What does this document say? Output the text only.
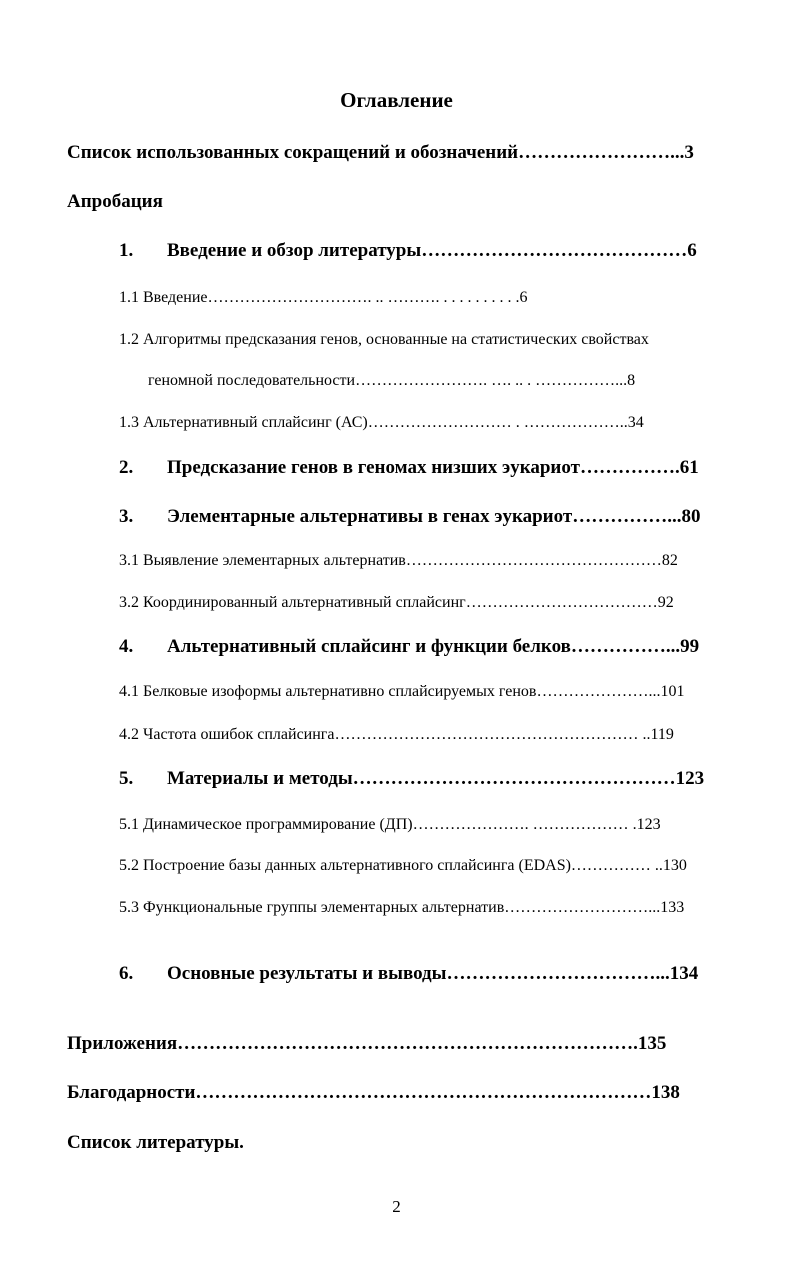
Оглавление
Список использованных сокращений и обозначений……………………...3
Апробация
1. Введение и обзор литературы……………………………………6
1.1 Введение…………………………. .. ………. . . . . . . . . . .6
1.2 Алгоритмы предсказания генов, основанные на статистических свойствах
геномной последовательности……………………. …. .. . ……………...8
1.3 Альтернативный сплайсинг (АС)……………………… . ………………..34
2. Предсказание генов в геномах низших эукариот…………….61
3. Элементарные альтернативы в генах эукариот……………...80
3.1 Выявление элементарных альтернатив…………………………………………82
3.2 Координированный альтернативный сплайсинг………………………………92
4. Альтернативный сплайсинг и функции белков……………...99
4.1 Белковые изоформы альтернативно сплайсируемых генов…………………...101
4.2 Частота ошибок сплайсинга………………………………………………… ..119
5. Материалы и методы……………………………………………123
5.1 Динамическое программирование (ДП)…………………. ……………… .123
5.2 Построение базы данных альтернативного сплайсинга (EDAS)…………… ..130
5.3 Функциональные группы элементарных альтернатив………………………...133
6. Основные результаты и выводы……………………………...134
Приложения……………………………………………………………….135
Благодарности………………………………………………………………138
Список литературы.
2
